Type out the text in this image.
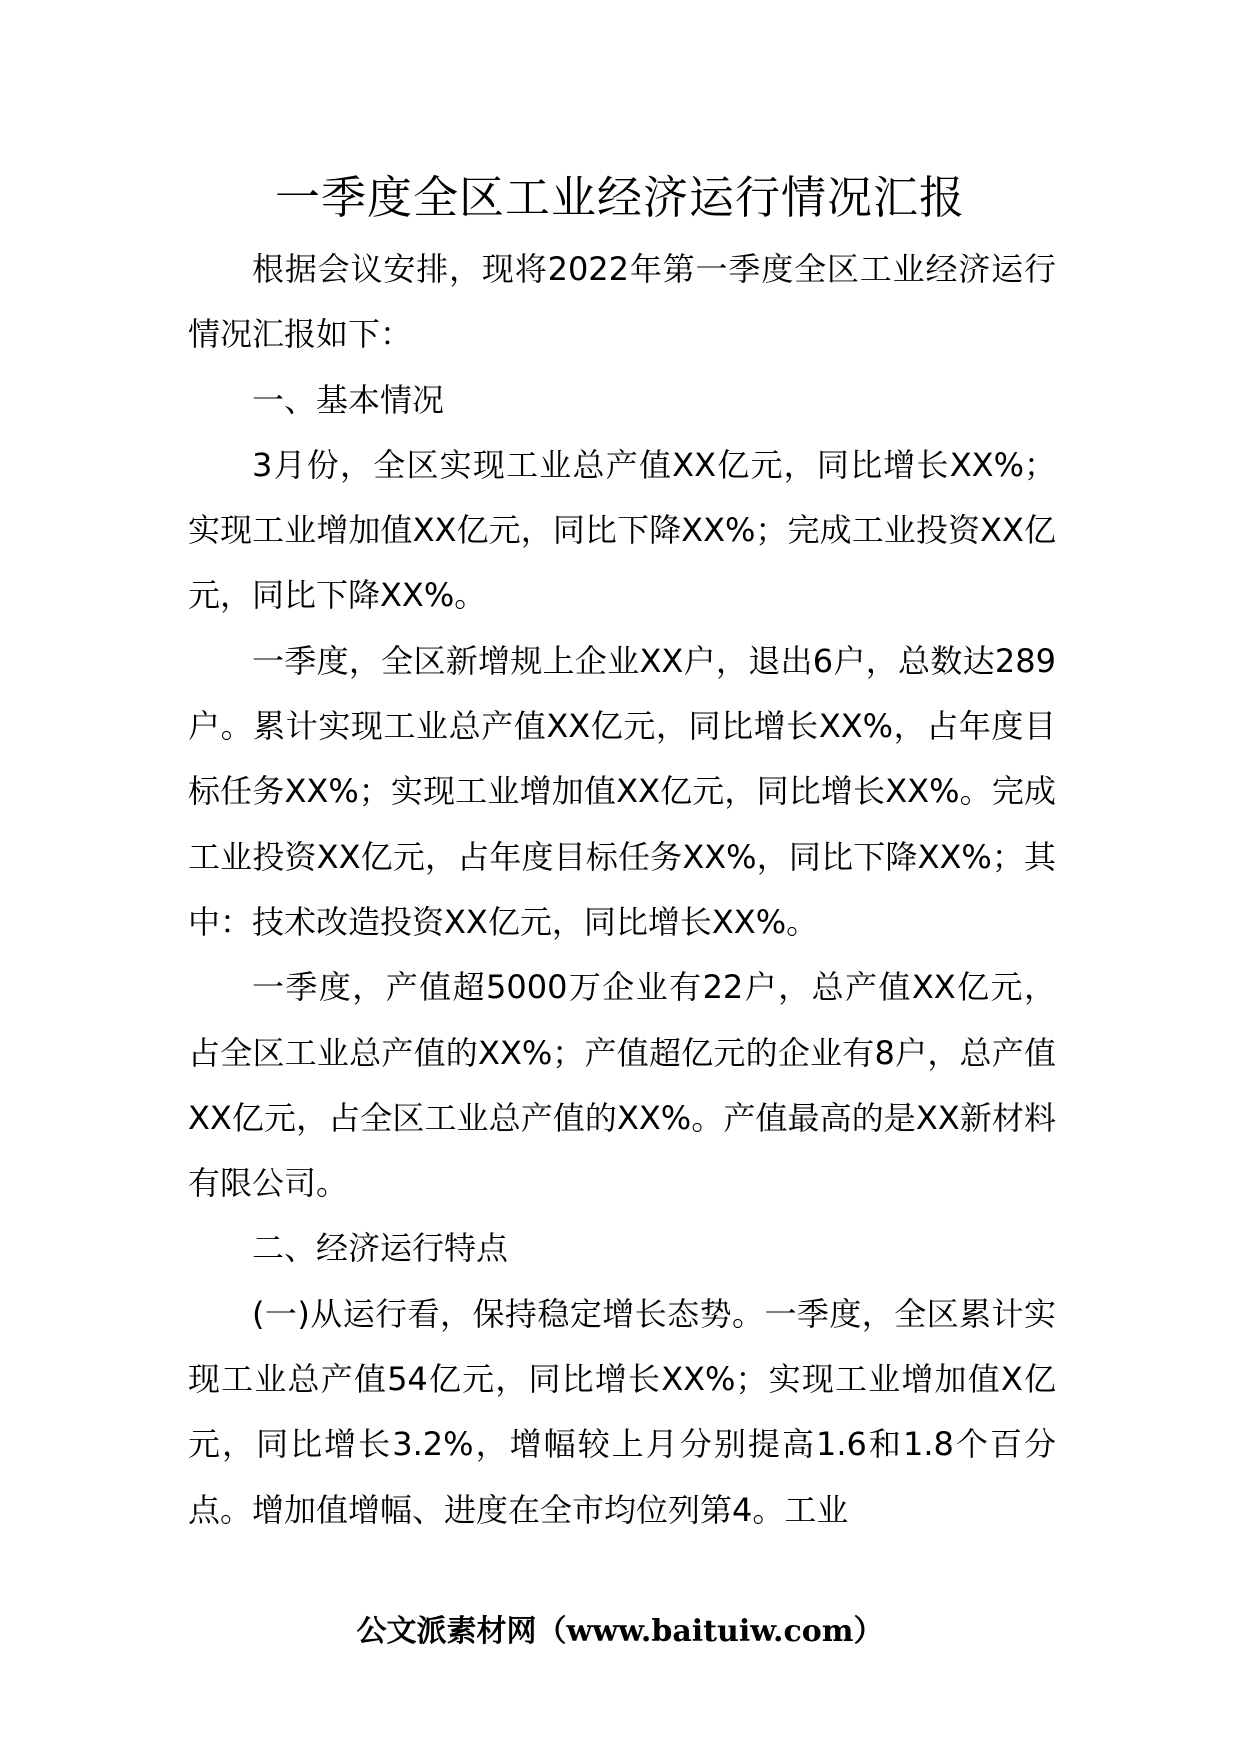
一季度全区工业经济运行情况汇报

根据会议安排，现将2022年第一季度全区工业经济运行情况汇报如下：

一、基本情况

3月份，全区实现工业总产值XX亿元，同比增长XX%；实现工业增加值XX亿元，同比下降XX%；完成工业投资XX亿元，同比下降XX%。

一季度，全区新增规上企业XX户，退出6户，总数达289户。累计实现工业总产值XX亿元，同比增长XX%，占年度目标任务XX%；实现工业增加值XX亿元，同比增长XX%。完成工业投资XX亿元，占年度目标任务XX%，同比下降XX%；其中：技术改造投资XX亿元，同比增长XX%。

一季度，产值超5000万企业有22户，总产值XX亿元，占全区工业总产值的XX%；产值超亿元的企业有8户，总产值XX亿元，占全区工业总产值的XX%。产值最高的是XX新材料有限公司。

二、经济运行特点

(一)从运行看，保持稳定增长态势。一季度，全区累计实现工业总产值54亿元，同比增长XX%；实现工业增加值X亿元，同比增长3.2%，增幅较上月分别提高1.6和1.8个百分点。增加值增幅、进度在全市均位列第4。工业

公文派素材网（www.baituiw.com）
